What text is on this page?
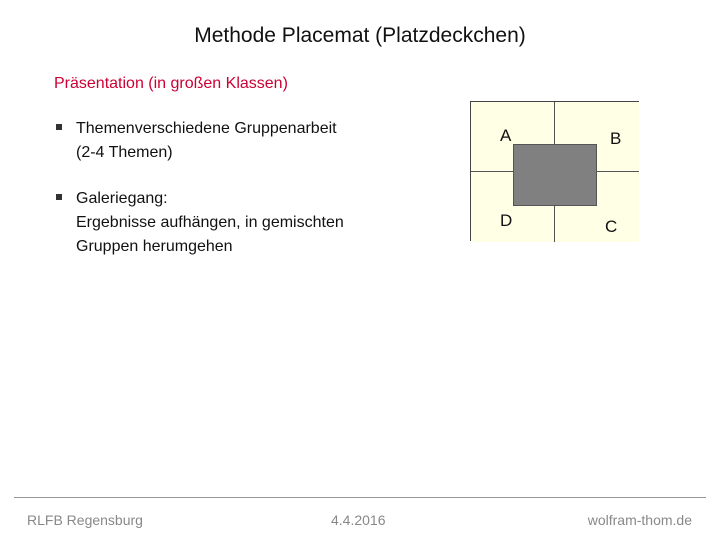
Methode Placemat (Platzdeckchen)
Präsentation (in großen Klassen)
Themenverschiedene Gruppenarbeit
(2-4 Themen)
Galeriegang:
Ergebnisse aufhängen, in gemischten
Gruppen herumgehen
A	B
D	C
RLFB Regensburg	4.4.2016	wolfram-thom.de
